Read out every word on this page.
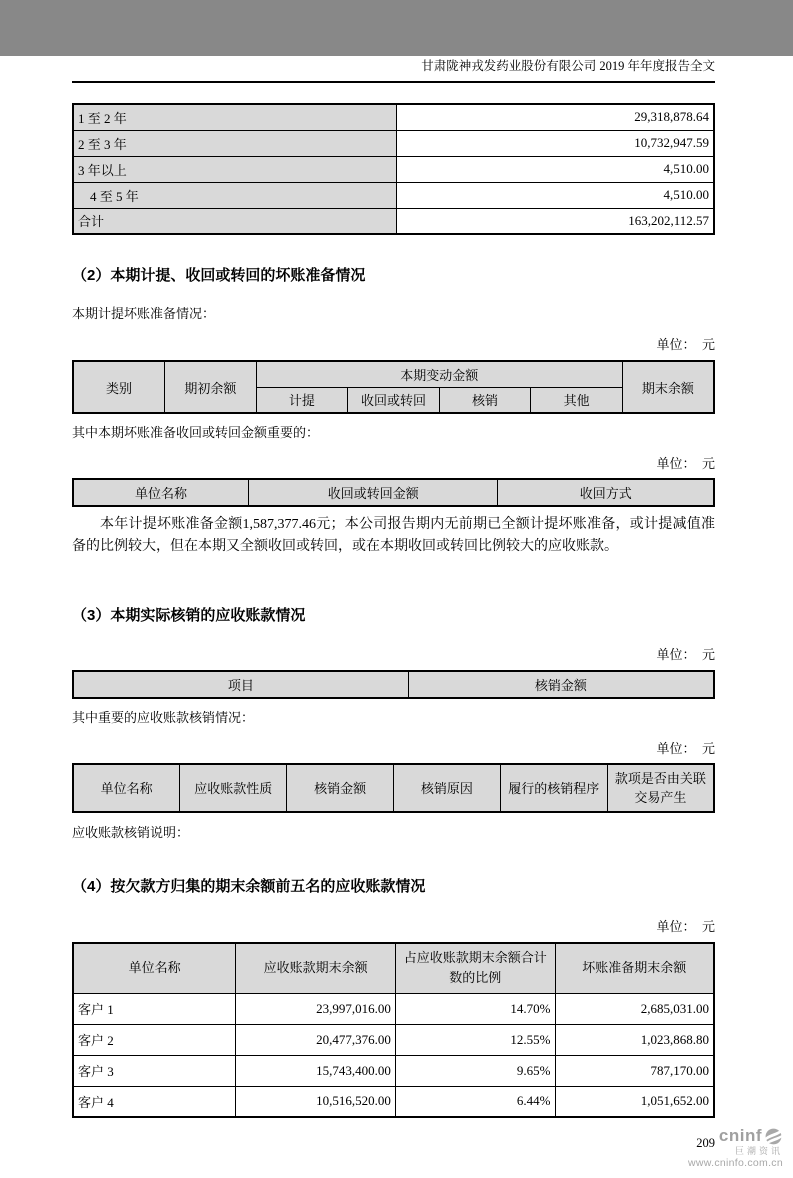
甘肃陇神戎发药业股份有限公司 2019 年年度报告全文
1 至 2 年	29,318,878.64
2 至 3 年	10,732,947.59
3 年以上	4,510.00
4 至 5 年	4,510.00
合计	163,202,112.57
（2）本期计提、收回或转回的坏账准备情况
本期计提坏账准备情况：
单位：　元
类别	期初余额	本期变动金额				期末余额
		计提	收回或转回	核销	其他	
其中本期坏账准备收回或转回金额重要的：
单位：　元
单位名称	收回或转回金额	收回方式
本年计提坏账准备金额1,587,377.46元；本公司报告期内无前期已全额计提坏账准备，或计提减值准备的比例较大，但在本期又全额收回或转回，或在本期收回或转回比例较大的应收账款。
（3）本期实际核销的应收账款情况
单位：　元
项目	核销金额
其中重要的应收账款核销情况：
单位：　元
单位名称	应收账款性质	核销金额	核销原因	履行的核销程序	款项是否由关联交易产生
应收账款核销说明：
（4）按欠款方归集的期末余额前五名的应收账款情况
单位：　元
单位名称	应收账款期末余额	占应收账款期末余额合计数的比例	坏账准备期末余额
客户 1	23,997,016.00	14.70%	2,685,031.00
客户 2	20,477,376.00	12.55%	1,023,868.80
客户 3	15,743,400.00	9.65%	787,170.00
客户 4	10,516,520.00	6.44%	1,051,652.00
209 cninf
巨潮资讯
www.cninfo.com.cn
